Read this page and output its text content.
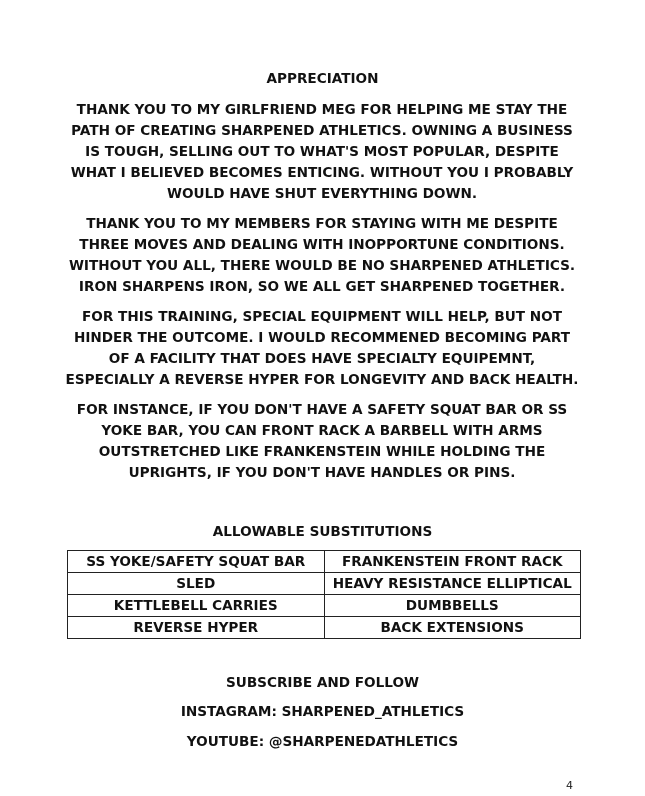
APPRECIATION
THANK YOU TO MY GIRLFRIEND MEG FOR HELPING ME STAY THE PATH OF CREATING SHARPENED ATHLETICS. OWNING A BUSINESS IS TOUGH, SELLING OUT TO WHAT'S MOST POPULAR, DESPITE WHAT I BELIEVED BECOMES ENTICING. WITHOUT YOU I PROBABLY WOULD HAVE SHUT EVERYTHING DOWN.
THANK YOU TO MY MEMBERS FOR STAYING WITH ME DESPITE THREE MOVES AND DEALING WITH INOPPORTUNE CONDITIONS. WITHOUT YOU ALL, THERE WOULD BE NO SHARPENED ATHLETICS. IRON SHARPENS IRON, SO WE ALL GET SHARPENED TOGETHER.
FOR THIS TRAINING, SPECIAL EQUIPMENT WILL HELP, BUT NOT HINDER THE OUTCOME. I WOULD RECOMMENED BECOMING PART OF A FACILITY THAT DOES HAVE SPECIALTY EQUIPEMNT, ESPECIALLY A REVERSE HYPER FOR LONGEVITY AND BACK HEALTH.
FOR INSTANCE, IF YOU DON'T HAVE A SAFETY SQUAT BAR OR SS YOKE BAR, YOU CAN FRONT RACK A BARBELL WITH ARMS OUTSTRETCHED LIKE FRANKENSTEIN WHILE HOLDING THE UPRIGHTS, IF YOU DON'T HAVE HANDLES OR PINS.
ALLOWABLE SUBSTITUTIONS
SS YOKE/SAFETY SQUAT BAR	FRANKENSTEIN FRONT RACK
SLED	HEAVY RESISTANCE ELLIPTICAL
KETTLEBELL CARRIES	DUMBBELLS
REVERSE HYPER	BACK EXTENSIONS
SUBSCRIBE AND FOLLOW
INSTAGRAM: SHARPENED_ATHLETICS
YOUTUBE: @SHARPENEDATHLETICS
4
